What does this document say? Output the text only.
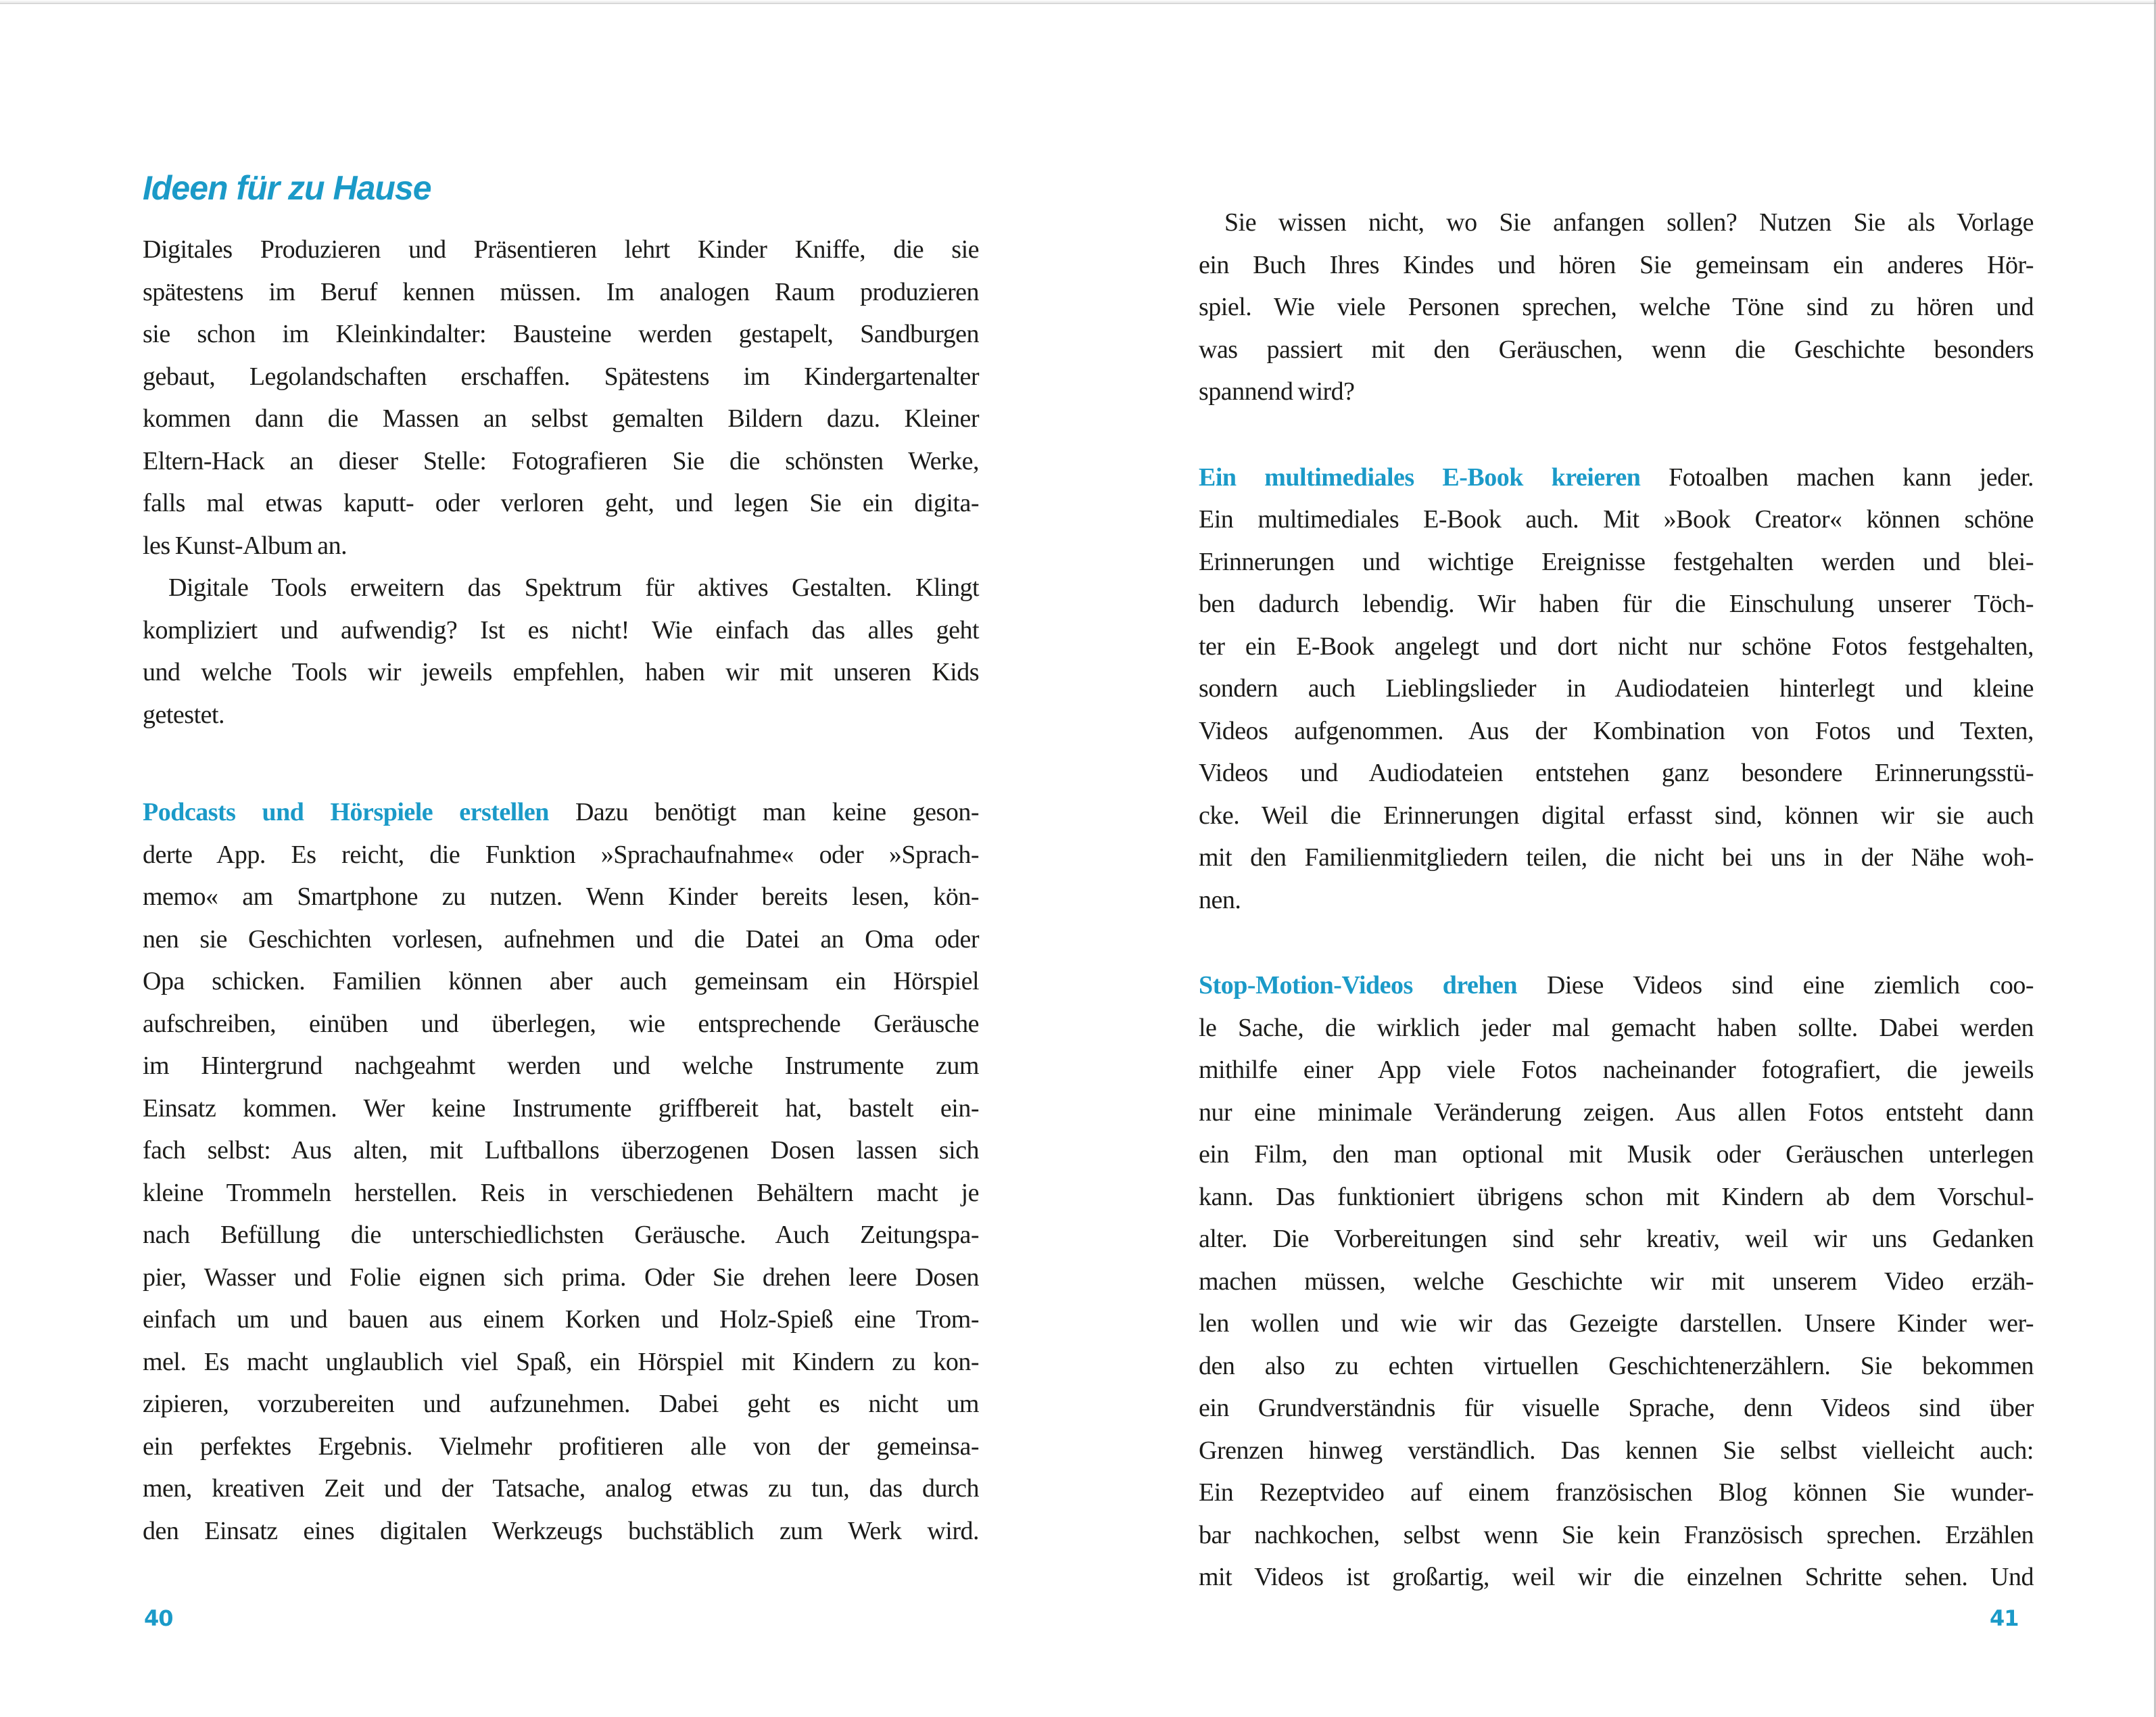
Ideen für zu Hause
Digitales Produzieren und Präsentieren lehrt Kinder Kniffe, die sie
spätestens im Beruf kennen müssen. Im analogen Raum produzieren
sie schon im Kleinkindalter: Bausteine werden gestapelt, Sandburgen
gebaut, Legolandschaften erschaffen. Spätestens im Kindergartenalter
kommen dann die Massen an selbst gemalten Bildern dazu. Kleiner
Eltern-Hack an dieser Stelle: Fotografieren Sie die schönsten Werke,
falls mal etwas kaputt- oder verloren geht, und legen Sie ein digita-
les Kunst-Album an.
Digitale Tools erweitern das Spektrum für aktives Gestalten. Klingt
kompliziert und aufwendig? Ist es nicht! Wie einfach das alles geht
und welche Tools wir jeweils empfehlen, haben wir mit unseren Kids
getestet.
Podcasts und Hörspiele erstellen Dazu benötigt man keine geson-
derte App. Es reicht, die Funktion »Sprachaufnahme« oder »Sprach-
memo« am Smartphone zu nutzen. Wenn Kinder bereits lesen, kön-
nen sie Geschichten vorlesen, aufnehmen und die Datei an Oma oder
Opa schicken. Familien können aber auch gemeinsam ein Hörspiel
aufschreiben, einüben und überlegen, wie entsprechende Geräusche
im Hintergrund nachgeahmt werden und welche Instrumente zum
Einsatz kommen. Wer keine Instrumente griffbereit hat, bastelt ein-
fach selbst: Aus alten, mit Luftballons überzogenen Dosen lassen sich
kleine Trommeln herstellen. Reis in verschiedenen Behältern macht je
nach Befüllung die unterschiedlichsten Geräusche. Auch Zeitungspa-
pier, Wasser und Folie eignen sich prima. Oder Sie drehen leere Dosen
einfach um und bauen aus einem Korken und Holz-Spieß eine Trom-
mel. Es macht unglaublich viel Spaß, ein Hörspiel mit Kindern zu kon-
zipieren, vorzubereiten und aufzunehmen. Dabei geht es nicht um
ein perfektes Ergebnis. Vielmehr profitieren alle von der gemeinsa-
men, kreativen Zeit und der Tatsache, analog etwas zu tun, das durch
den Einsatz eines digitalen Werkzeugs buchstäblich zum Werk wird.
Sie wissen nicht, wo Sie anfangen sollen? Nutzen Sie als Vorlage
ein Buch Ihres Kindes und hören Sie gemeinsam ein anderes Hör-
spiel. Wie viele Personen sprechen, welche Töne sind zu hören und
was passiert mit den Geräuschen, wenn die Geschichte besonders
spannend wird?
Ein multimediales E-Book kreieren Fotoalben machen kann jeder.
Ein multimediales E-Book auch. Mit »Book Creator« können schöne
Erinnerungen und wichtige Ereignisse festgehalten werden und blei-
ben dadurch lebendig. Wir haben für die Einschulung unserer Töch-
ter ein E-Book angelegt und dort nicht nur schöne Fotos festgehalten,
sondern auch Lieblingslieder in Audiodateien hinterlegt und kleine
Videos aufgenommen. Aus der Kombination von Fotos und Texten,
Videos und Audiodateien entstehen ganz besondere Erinnerungsstü-
cke. Weil die Erinnerungen digital erfasst sind, können wir sie auch
mit den Familienmitgliedern teilen, die nicht bei uns in der Nähe woh-
nen.
Stop-Motion-Videos drehen Diese Videos sind eine ziemlich coo-
le Sache, die wirklich jeder mal gemacht haben sollte. Dabei werden
mithilfe einer App viele Fotos nacheinander fotografiert, die jeweils
nur eine minimale Veränderung zeigen. Aus allen Fotos entsteht dann
ein Film, den man optional mit Musik oder Geräuschen unterlegen
kann. Das funktioniert übrigens schon mit Kindern ab dem Vorschul-
alter. Die Vorbereitungen sind sehr kreativ, weil wir uns Gedanken
machen müssen, welche Geschichte wir mit unserem Video erzäh-
len wollen und wie wir das Gezeigte darstellen. Unsere Kinder wer-
den also zu echten virtuellen Geschichtenerzählern. Sie bekommen
ein Grundverständnis für visuelle Sprache, denn Videos sind über
Grenzen hinweg verständlich. Das kennen Sie selbst vielleicht auch:
Ein Rezeptvideo auf einem französischen Blog können Sie wunder-
bar nachkochen, selbst wenn Sie kein Französisch sprechen. Erzählen
mit Videos ist großartig, weil wir die einzelnen Schritte sehen. Und
40	41
